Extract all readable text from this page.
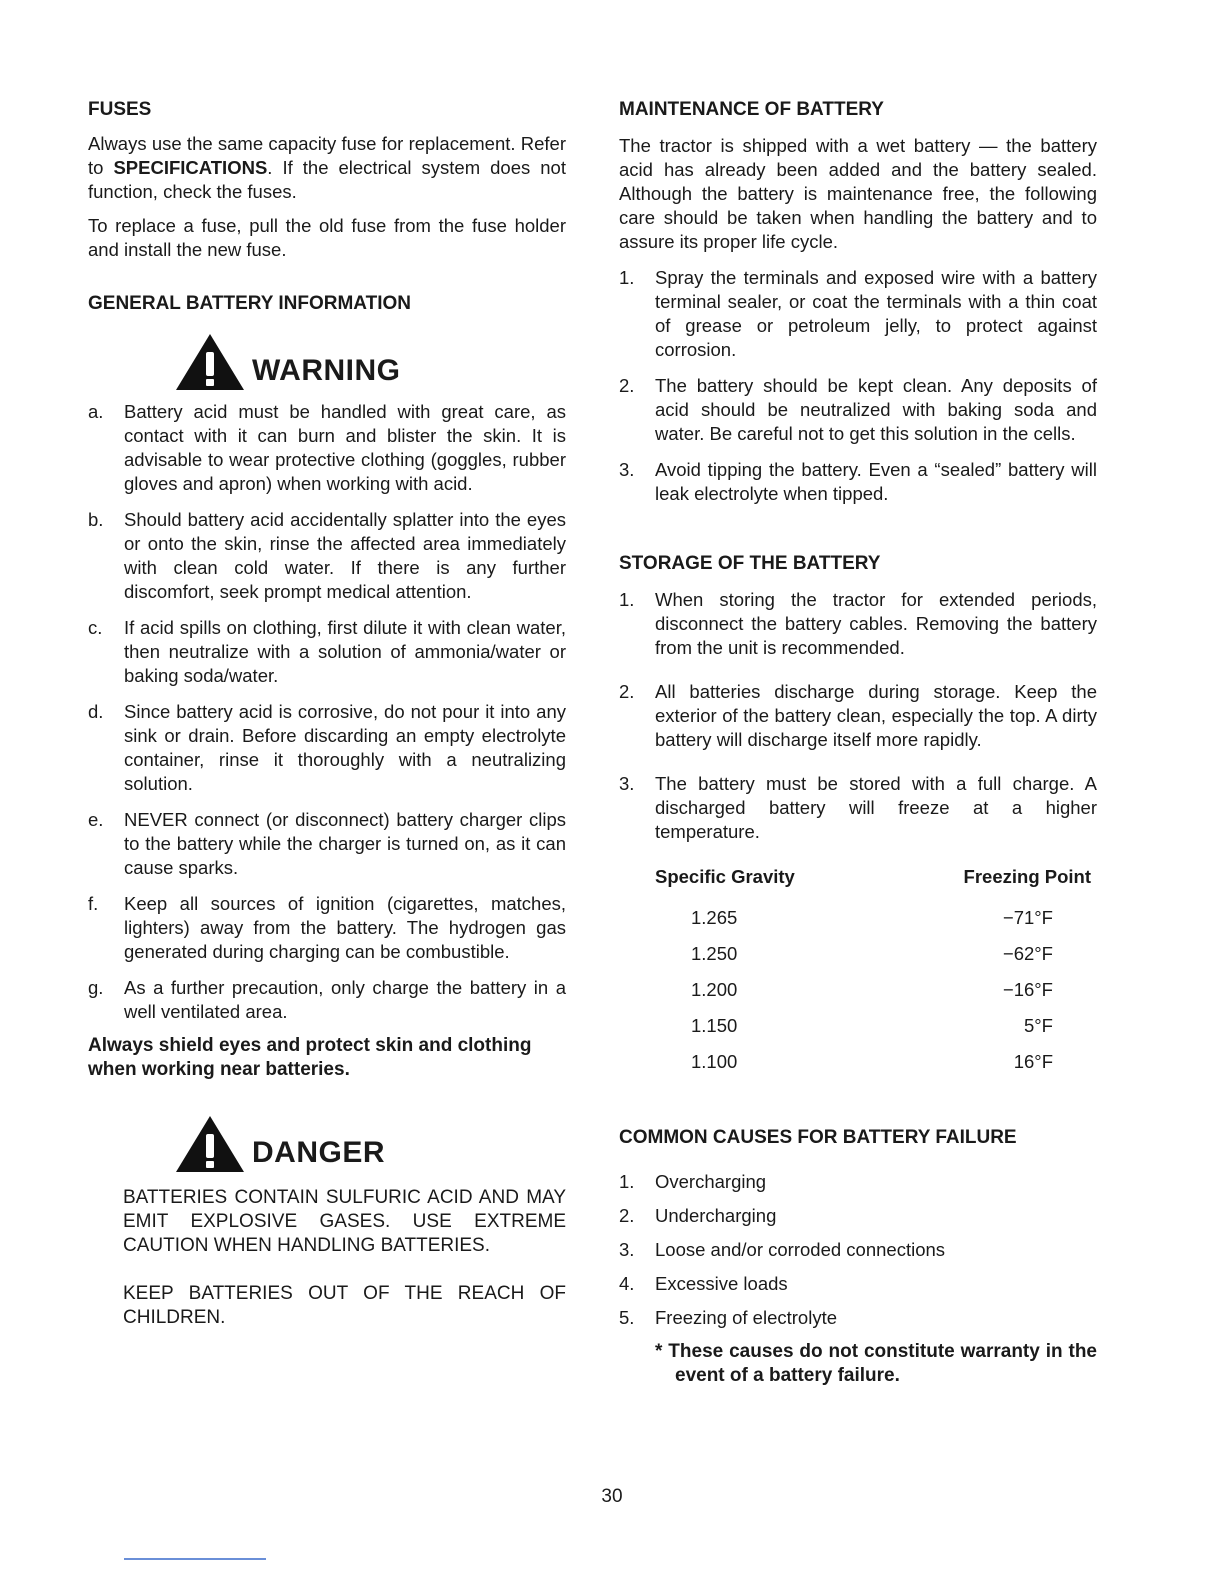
FUSES

Always use the same capacity fuse for replacement. Refer to SPECIFICATIONS. If the electrical system does not function, check the fuses.

To replace a fuse, pull the old fuse from the fuse holder and install the new fuse.

GENERAL BATTERY INFORMATION
WARNING
a. Battery acid must be handled with great care, as contact with it can burn and blister the skin. It is advisable to wear protective clothing (goggles, rubber gloves and apron) when working with acid.
b. Should battery acid accidentally splatter into the eyes or onto the skin, rinse the affected area immediately with clean cold water. If there is any further discomfort, seek prompt medical attention.
c. If acid spills on clothing, first dilute it with clean water, then neutralize with a solution of ammonia/water or baking soda/water.
d. Since battery acid is corrosive, do not pour it into any sink or drain. Before discarding an empty electrolyte container, rinse it thoroughly with a neutralizing solution.
e. NEVER connect (or disconnect) battery charger clips to the battery while the charger is turned on, as it can cause sparks.
f. Keep all sources of ignition (cigarettes, matches, lighters) away from the battery. The hydrogen gas generated during charging can be combustible.
g. As a further precaution, only charge the battery in a well ventilated area.

Always shield eyes and protect skin and clothing when working near batteries.

DANGER

BATTERIES CONTAIN SULFURIC ACID AND MAY EMIT EXPLOSIVE GASES. USE EXTREME CAUTION WHEN HANDLING BATTERIES.

KEEP BATTERIES OUT OF THE REACH OF CHILDREN.

MAINTENANCE OF BATTERY

The tractor is shipped with a wet battery — the battery acid has already been added and the battery sealed. Although the battery is maintenance free, the following care should be taken when handling the battery and to assure its proper life cycle.

1. Spray the terminals and exposed wire with a battery terminal sealer, or coat the terminals with a thin coat of grease or petroleum jelly, to protect against corrosion.
2. The battery should be kept clean. Any deposits of acid should be neutralized with baking soda and water. Be careful not to get this solution in the cells.
3. Avoid tipping the battery. Even a “sealed” battery will leak electrolyte when tipped.
STORAGE OF THE BATTERY
1. When storing the tractor for extended periods, disconnect the battery cables. Removing the battery from the unit is recommended.
2. All batteries discharge during storage. Keep the exterior of the battery clean, especially the top. A dirty battery will discharge itself more rapidly.
3. The battery must be stored with a full charge. A discharged battery will freeze at a higher temperature.
Specific Gravity	Freezing Point
1.265	−71°F
1.250	−62°F
1.200	−16°F
1.150	5°F
1.100	16°F
COMMON CAUSES FOR BATTERY FAILURE
1. Overcharging
2. Undercharging
3. Loose and/or corroded connections
4. Excessive loads
5. Freezing of electrolyte

* These causes do not constitute warranty in the event of a battery failure.

30
